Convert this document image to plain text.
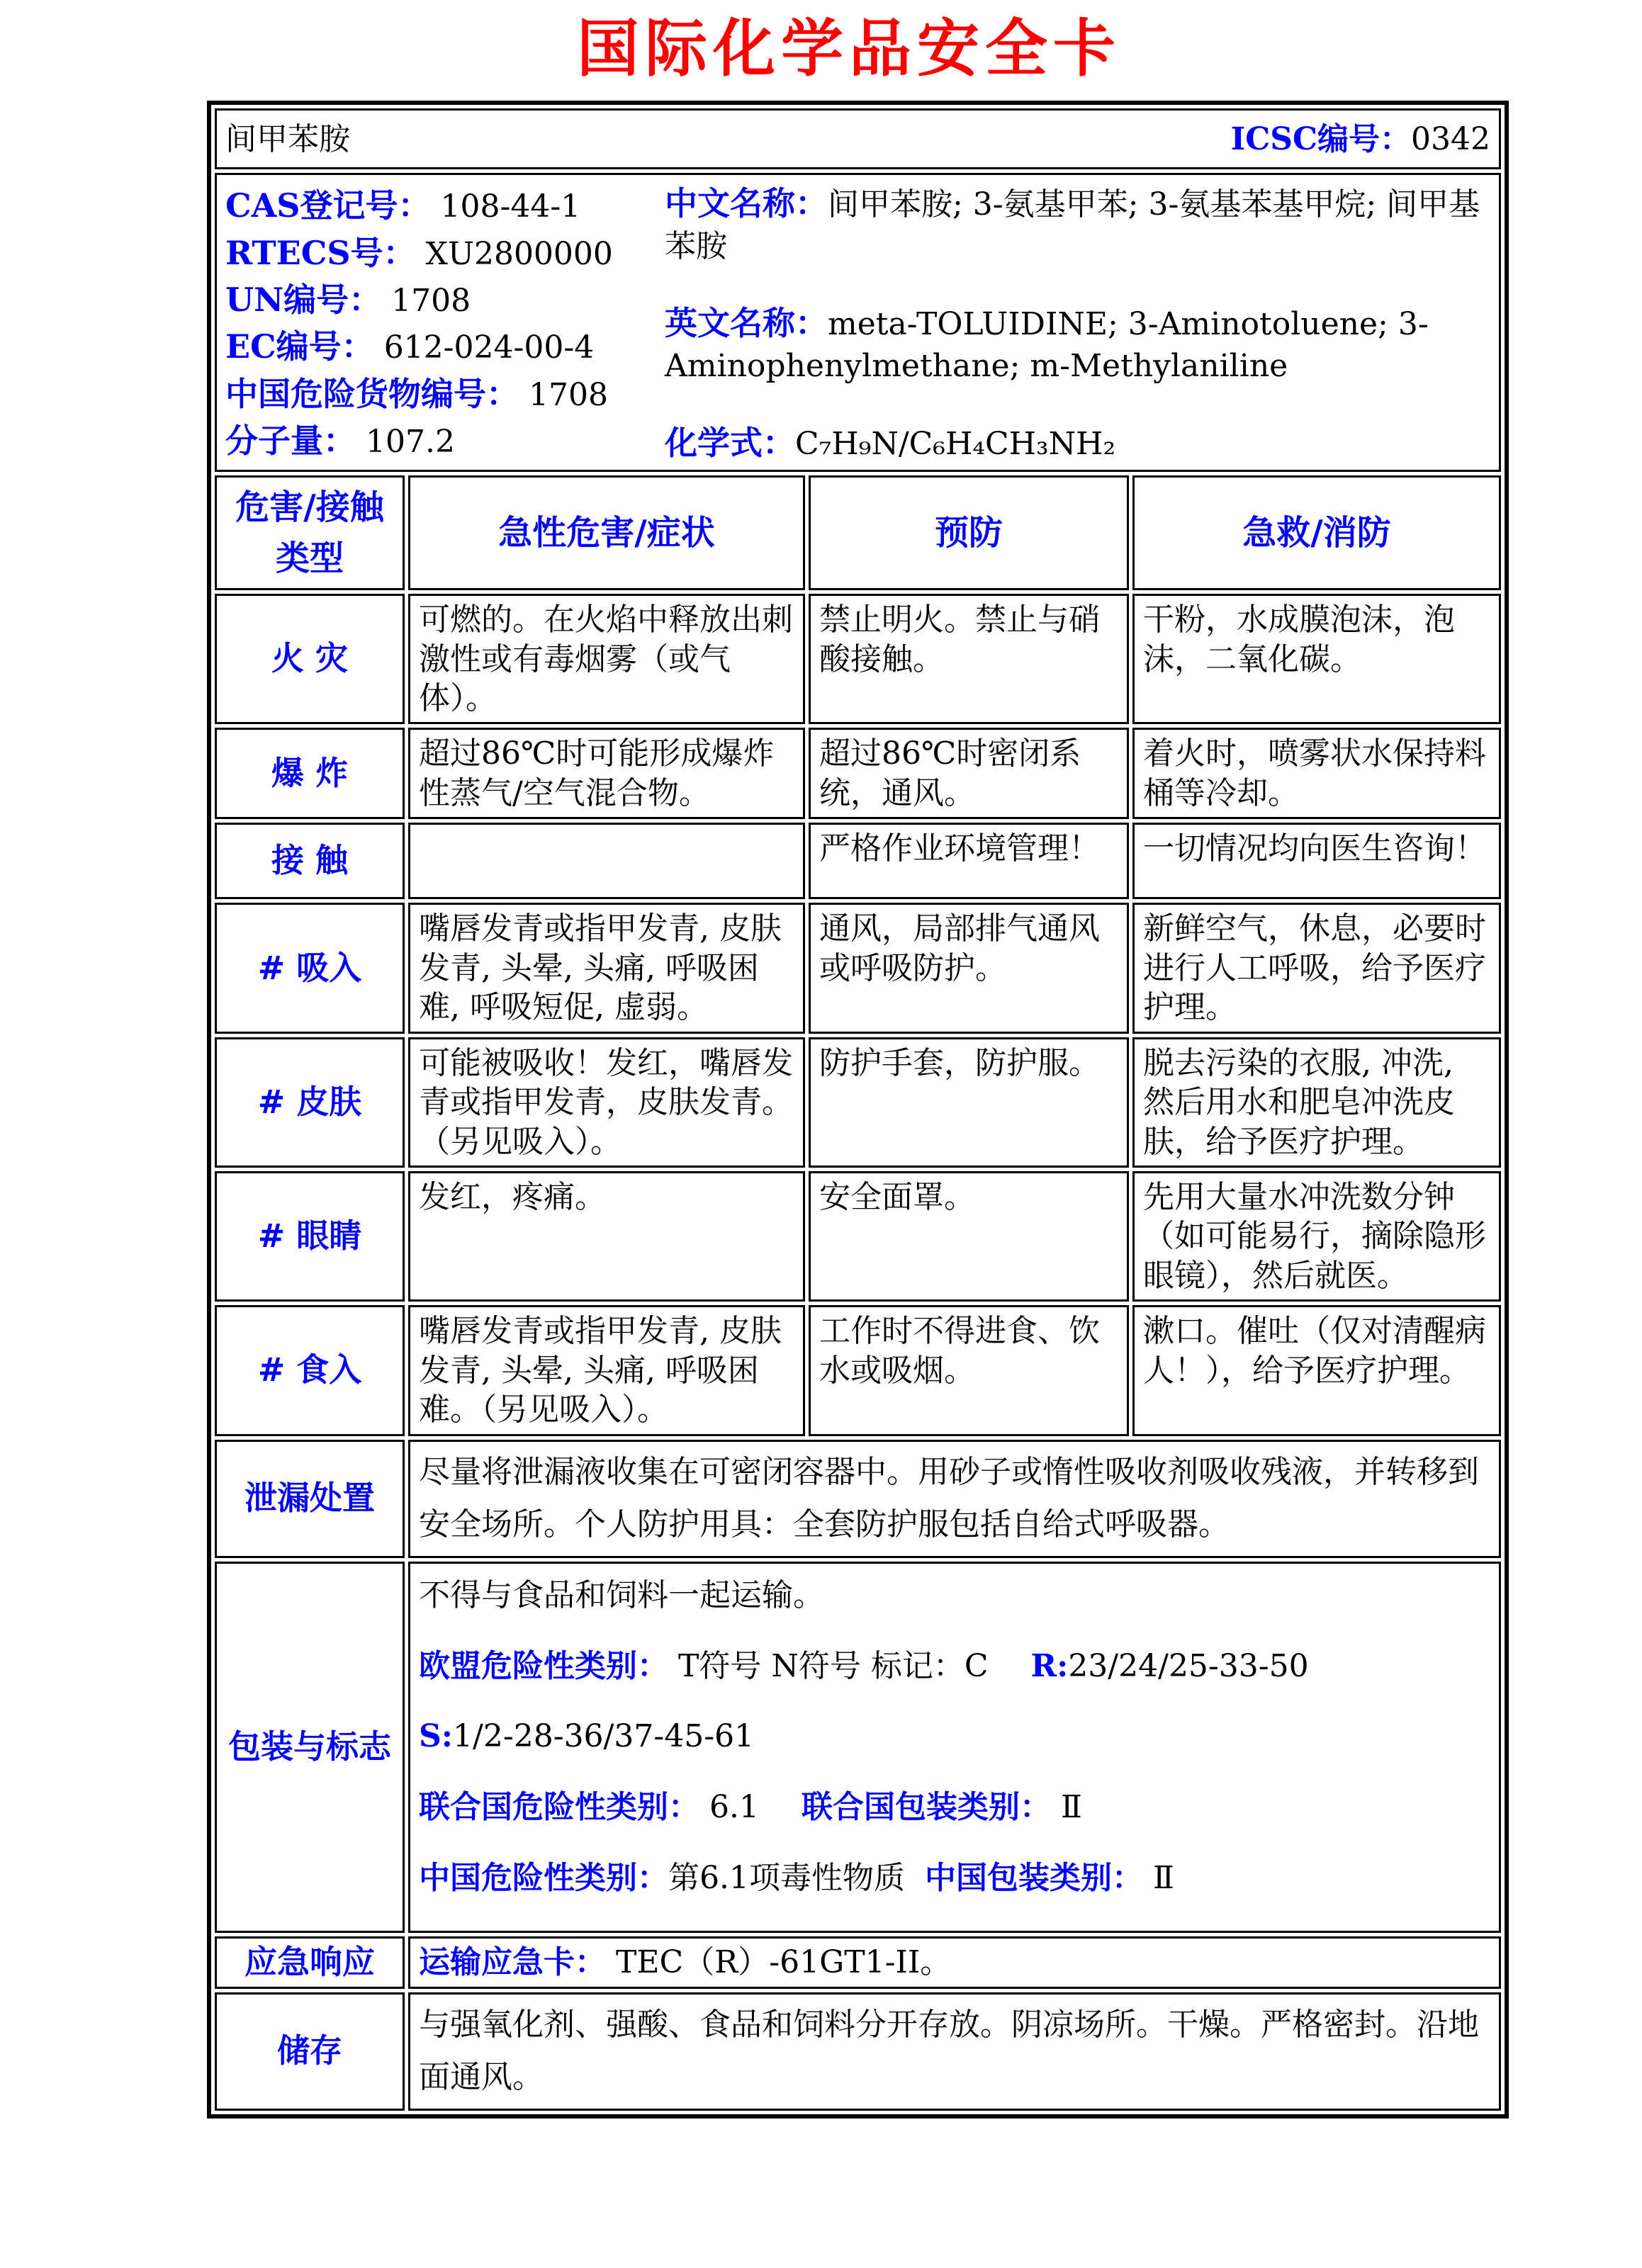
国际化学品安全卡
间甲苯胺 ICSC编号：0342			

CAS登记号： 108-44-1
RTECS号： XU2800000
UN编号： 1708
EC编号： 612-024-00-4
中国危险货物编号： 1708
分子量： 107.2
中文名称：间甲苯胺; 3-氨基甲苯; 3-氨基苯基甲烷; 间甲基苯胺
英文名称：meta-TOLUIDINE; 3-Aminotoluene; 3-Aminophenylmethane; m-Methylaniline
化学式：C₇H₉N/C₆H₄CH₃NH₂

危害/接触类型	急性危害/症状	预防	急救/消防
火 灾	可燃的。在火焰中释放出刺激性或有毒烟雾（或气体）。	禁止明火。禁止与硝酸接触。	干粉，水成膜泡沫，泡沫，二氧化碳。
爆 炸	超过86℃时可能形成爆炸性蒸气/空气混合物。	超过86℃时密闭系统，通风。	着火时，喷雾状水保持料桶等冷却。
接 触		严格作业环境管理！	一切情况均向医生咨询！
# 吸入	嘴唇发青或指甲发青, 皮肤发青, 头晕, 头痛, 呼吸困难, 呼吸短促, 虚弱。	通风，局部排气通风或呼吸防护。	新鲜空气，休息，必要时进行人工呼吸，给予医疗护理。
# 皮肤	可能被吸收！发红，嘴唇发青或指甲发青，皮肤发青。（另见吸入）。	防护手套，防护服。	脱去污染的衣服, 冲洗, 然后用水和肥皂冲洗皮肤，给予医疗护理。
# 眼睛	发红，疼痛。	安全面罩。	先用大量水冲洗数分钟（如可能易行，摘除隐形眼镜），然后就医。
# 食入	嘴唇发青或指甲发青, 皮肤发青, 头晕, 头痛, 呼吸困难。（另见吸入）。	工作时不得进食、饮水或吸烟。	漱口。催吐（仅对清醒病人！），给予医疗护理。
泄漏处置	尽量将泄漏液收集在可密闭容器中。用砂子或惰性吸收剂吸收残液，并转移到安全场所。个人防护用具：全套防护服包括自给式呼吸器。		
包装与标志	不得与食品和饲料一起运输。
欧盟危险性类别： T符号 N符号 标记：C R:23/24/25-33-50
S:1/2-28-36/37-45-61
联合国危险性类别： 6.1 联合国包装类别： Ⅱ
中国危险性类别：第6.1项毒性物质 中国包装类别： Ⅱ		

应急响应	运输应急卡： TEC（R）-61GT1-II。		
储存	与强氧化剂、强酸、食品和饲料分开存放。阴凉场所。干燥。严格密封。沿地面通风。		
